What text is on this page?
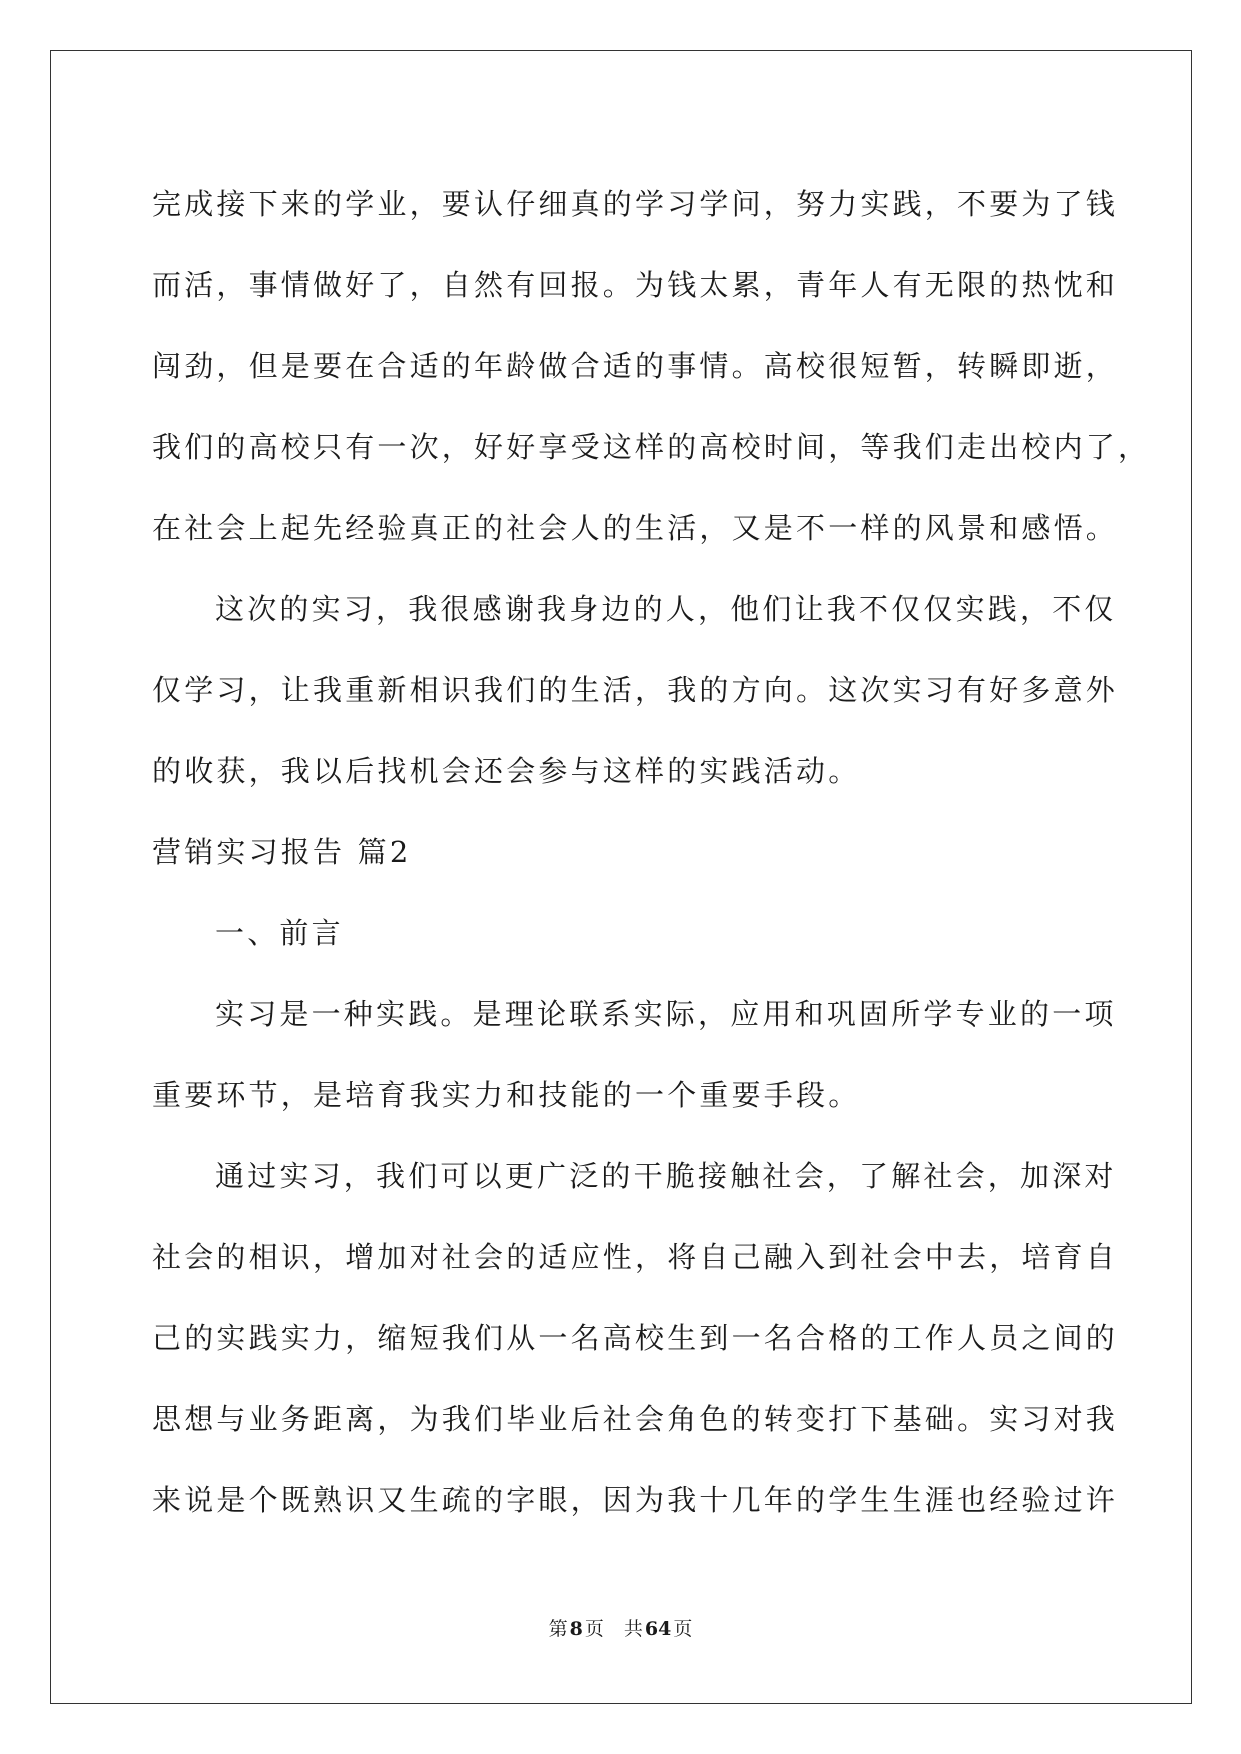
完成接下来的学业，要认仔细真的学习学问，努力实践，不要为了钱
而活，事情做好了，自然有回报。为钱太累，青年人有无限的热忱和
闯劲，但是要在合适的年龄做合适的事情。高校很短暂，转瞬即逝，
我们的高校只有一次，好好享受这样的高校时间，等我们走出校内了，
在社会上起先经验真正的社会人的生活，又是不一样的风景和感悟。
这次的实习，我很感谢我身边的人，他们让我不仅仅实践，不仅
仅学习，让我重新相识我们的生活，我的方向。这次实习有好多意外
的收获，我以后找机会还会参与这样的实践活动。
营销实习报告 篇2
一、前言
实习是一种实践。是理论联系实际，应用和巩固所学专业的一项
重要环节，是培育我实力和技能的一个重要手段。
通过实习，我们可以更广泛的干脆接触社会，了解社会，加深对
社会的相识，增加对社会的适应性，将自己融入到社会中去，培育自
己的实践实力，缩短我们从一名高校生到一名合格的工作人员之间的
思想与业务距离，为我们毕业后社会角色的转变打下基础。实习对我
来说是个既熟识又生疏的字眼，因为我十几年的学生生涯也经验过许
第 8 页 共 64 页
